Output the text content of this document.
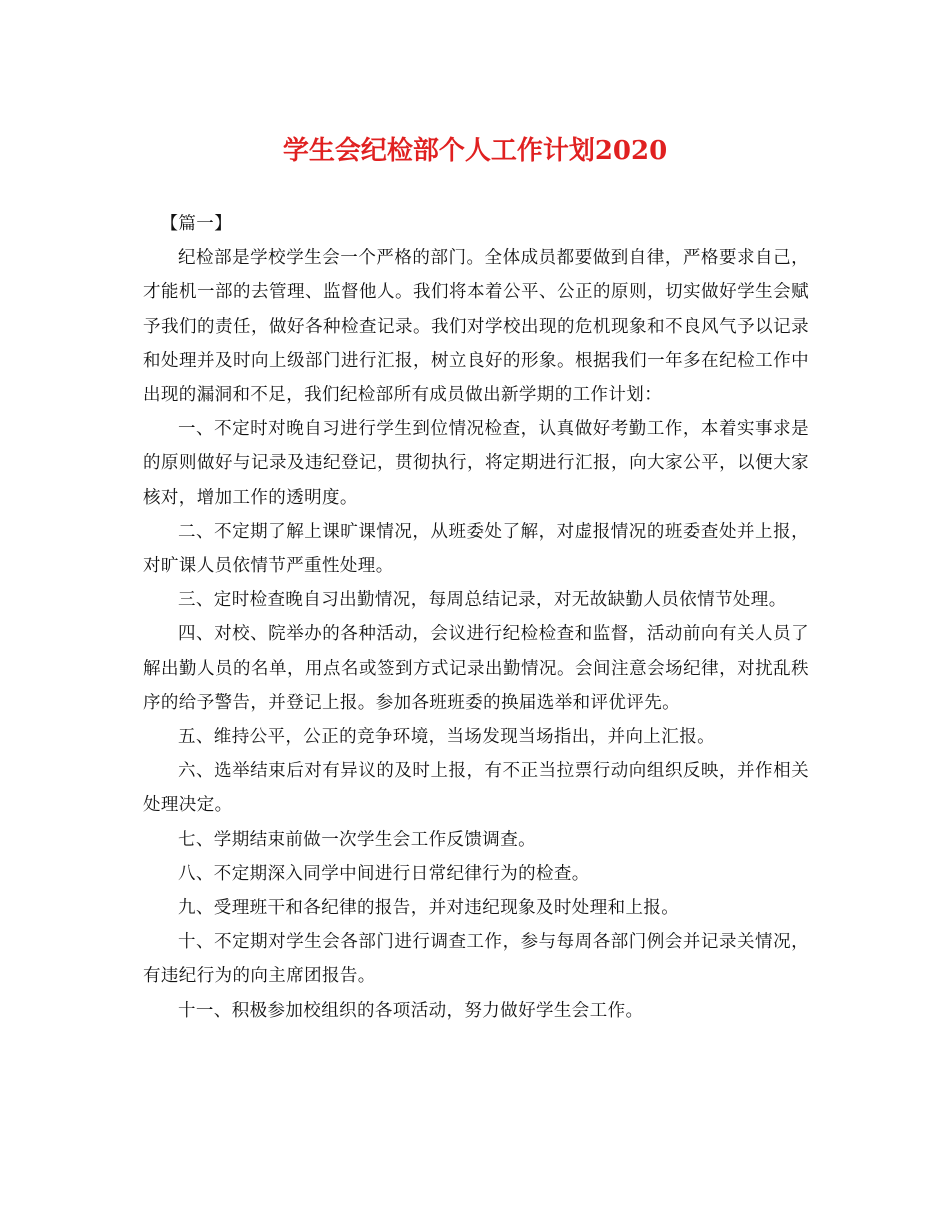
学生会纪检部个人工作计划2020

【篇一】

纪检部是学校学生会一个严格的部门。全体成员都要做到自律，严格要求自己，才能机一部的去管理、监督他人。我们将本着公平、公正的原则，切实做好学生会赋予我们的责任，做好各种检查记录。我们对学校出现的危机现象和不良风气予以记录和处理并及时向上级部门进行汇报，树立良好的形象。根据我们一年多在纪检工作中出现的漏洞和不足，我们纪检部所有成员做出新学期的工作计划：

一、不定时对晚自习进行学生到位情况检查，认真做好考勤工作，本着实事求是的原则做好与记录及违纪登记，贯彻执行，将定期进行汇报，向大家公平，以便大家核对，增加工作的透明度。

二、不定期了解上课旷课情况，从班委处了解，对虚报情况的班委查处并上报，对旷课人员依情节严重性处理。

三、定时检查晚自习出勤情况，每周总结记录，对无故缺勤人员依情节处理。

四、对校、院举办的各种活动，会议进行纪检检查和监督，活动前向有关人员了解出勤人员的名单，用点名或签到方式记录出勤情况。会间注意会场纪律，对扰乱秩序的给予警告，并登记上报。参加各班班委的换届选举和评优评先。

五、维持公平，公正的竞争环境，当场发现当场指出，并向上汇报。

六、选举结束后对有异议的及时上报，有不正当拉票行动向组织反映，并作相关处理决定。

七、学期结束前做一次学生会工作反馈调查。

八、不定期深入同学中间进行日常纪律行为的检查。

九、受理班干和各纪律的报告，并对违纪现象及时处理和上报。

十、不定期对学生会各部门进行调查工作，参与每周各部门例会并记录关情况，有违纪行为的向主席团报告。

十一、积极参加校组织的各项活动，努力做好学生会工作。
